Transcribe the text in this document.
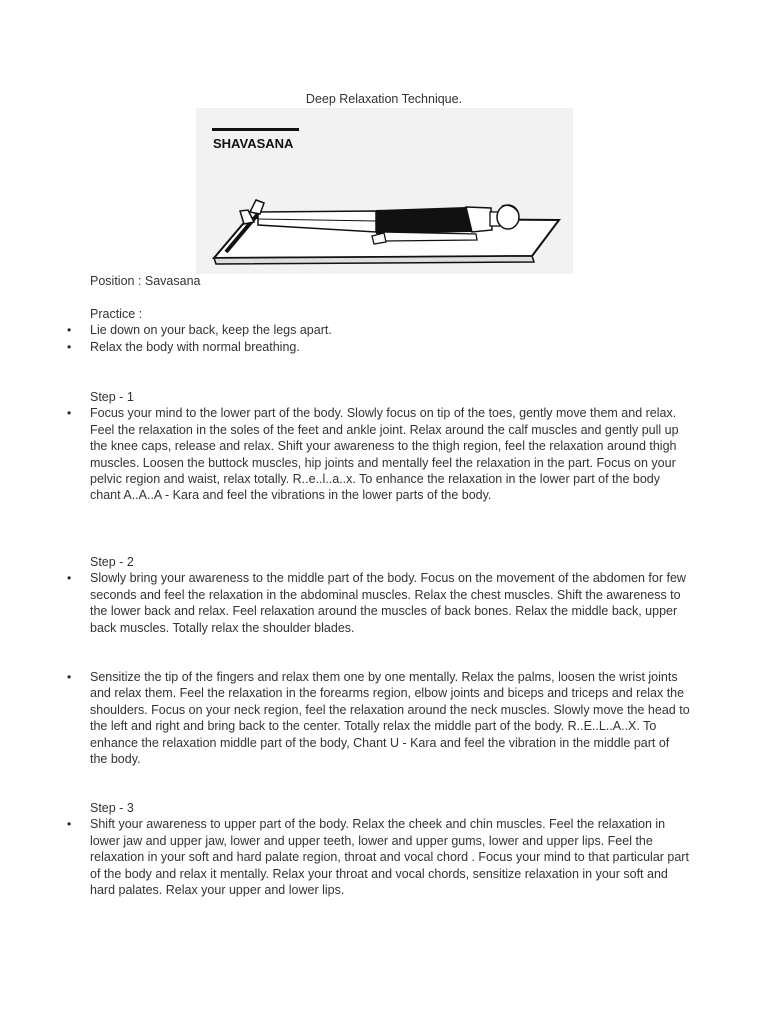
Deep Relaxation Technique.
SHAVASANA

Position : Savasana

Practice :

• Lie down on your back, keep the legs apart.
• Relax the body with normal breathing.

Step - 1

• Focus your mind to the lower part of the body. Slowly focus on tip of the toes, gently move them and relax. Feel the relaxation in the soles of the feet and ankle joint. Relax around the calf muscles and gently pull up the knee caps, release and relax. Shift your awareness to the thigh region, feel the relaxation around thigh muscles. Loosen the buttock muscles, hip joints and mentally feel the relaxation in the part. Focus on your pelvic region and waist, relax totally. R..e..l..a..x. To enhance the relaxation in the lower part of the body chant A..A..A - Kara and feel the vibrations in the lower parts of the body.

Step - 2

• Slowly bring your awareness to the middle part of the body. Focus on the movement of the abdomen for few seconds and feel the relaxation in the abdominal muscles. Relax the chest muscles. Shift the awareness to the lower back and relax. Feel relaxation around the muscles of back bones. Relax the middle back, upper back muscles. Totally relax the shoulder blades.
• Sensitize the tip of the fingers and relax them one by one mentally. Relax the palms, loosen the wrist joints and relax them. Feel the relaxation in the forearms region, elbow joints and biceps and triceps and relax the shoulders. Focus on your neck region, feel the relaxation around the neck muscles. Slowly move the head to the left and right and bring back to the center. Totally relax the middle part of the body. R..E..L..A..X. To enhance the relaxation middle part of the body, Chant U - Kara and feel the vibration in the middle part of the body.

Step - 3

• Shift your awareness to upper part of the body. Relax the cheek and chin muscles. Feel the relaxation in lower jaw and upper jaw, lower and upper teeth, lower and upper gums, lower and upper lips. Feel the relaxation in your soft and hard palate region, throat and vocal chord . Focus your mind to that particular part of the body and relax it mentally. Relax your throat and vocal chords, sensitize relaxation in your soft and hard palates. Relax your upper and lower lips.
